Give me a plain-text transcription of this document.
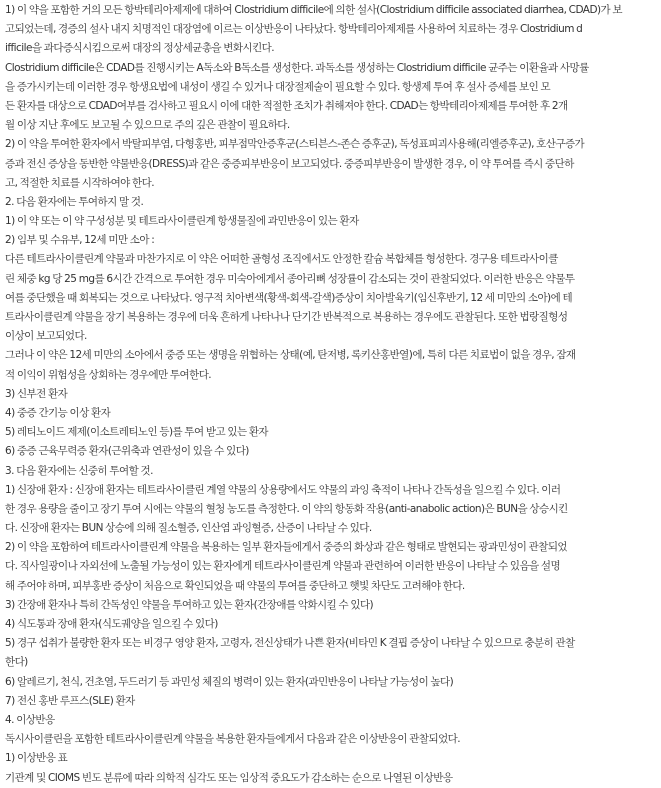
1) 이 약을 포함한 거의 모든 항박테리아제제에 대하여 Clostridium difficile에 의한 설사(Clostridium difficile associated diarrhea, CDAD)가 보
고되었는데, 경증의 설사 내지 치명적인 대장염에 이르는 이상반응이 나타났다. 항박테리아제제를 사용하여 치료하는 경우 Clostridium d
ifficile을 과다증식시킴으로써 대장의 정상세균총을 변화시킨다.
Clostridium difficile은 CDAD를 진행시키는 A독소와 B독소를 생성한다. 과독소를 생성하는 Clostridium difficile 균주는 이환율과 사망률
을 증가시키는데 이러한 경우 항생요법에 내성이 생길 수 있거나 대장절제술이 필요할 수 있다. 항생제 투여 후 설사 증세를 보인 모
든 환자를 대상으로 CDAD여부를 검사하고 필요시 이에 대한 적절한 조치가 취해져야 한다. CDAD는 항박테리아제제를 투여한 후 2개
월 이상 지난 후에도 보고될 수 있으므로 주의 깊은 관찰이 필요하다.
2) 이 약을 투여한 환자에서 박탈피부염, 다형홍반, 피부점막안증후군(스티븐스-존슨 증후군), 독성표피괴사용해(리엘증후군), 호산구증가
증과 전신 증상을 동반한 약물반응(DRESS)과 같은 중증피부반응이 보고되었다. 중증피부반응이 발생한 경우, 이 약 투여를 즉시 중단하
고, 적절한 치료를 시작하여야 한다.
2. 다음 환자에는 투여하지 말 것.
1) 이 약 또는 이 약 구성성분 및 테트라사이클린계 항생물질에 과민반응이 있는 환자
2) 임부 및 수유부, 12세 미만 소아 :
다른 테트라사이클린계 약물과 마찬가지로 이 약은 어떠한 골형성 조직에서도 안정한 칼슘 복합체를 형성한다. 경구용 테트라사이클
린 체중 kg 당 25 mg를 6시간 간격으로 투여한 경우 미숙아에게서 종아리뼈 성장률이 감소되는 것이 관찰되었다. 이러한 반응은 약물투
여를 중단했을 때 회복되는 것으로 나타났다. 영구적 치아변색(황색-회색-갈색)증상이 치아발육기(임신후반기, 12 세 미만의 소아)에 테
트라사이클린계 약물을 장기 복용하는 경우에 더욱 흔하게 나타나나 단기간 반복적으로 복용하는 경우에도 관찰된다. 또한 법랑질형성
이상이 보고되었다.
그러나 이 약은 12세 미만의 소아에서 중증 또는 생명을 위협하는 상태(예, 탄저병, 록키산홍반열)에, 특히 다른 치료법이 없을 경우, 잠재
적 이익이 위험성을 상회하는 경우에만 투여한다.
3) 신부전 환자
4) 중증 간기능 이상 환자
5) 레티노이드 제제(이소트레티노인 등)를 투여 받고 있는 환자
6) 중증 근육무력증 환자(근위축과 연관성이 있을 수 있다)
3. 다음 환자에는 신중히 투여할 것.
1) 신장애 환자 : 신장애 환자는 테트라사이클린 계열 약물의 상용량에서도 약물의 과잉 축적이 나타나 간독성을 일으킬 수 있다. 이러
한 경우 용량을 줄이고 장기 투여 시에는 약물의 혈청 농도를 측정한다. 이 약의 항동화 작용(anti-anabolic action)은 BUN을 상승시킨
다. 신장애 환자는 BUN 상승에 의해 질소혈증, 인산염 과잉혈증, 산증이 나타날 수 있다.
2) 이 약을 포함하여 테트라사이클린계 약물을 복용하는 일부 환자들에게서 중증의 화상과 같은 형태로 발현되는 광과민성이 관찰되었
다. 직사일광이나 자외선에 노출될 가능성이 있는 환자에게 테트라사이클린계 약물과 관련하여 이러한 반응이 나타날 수 있음을 설명
해 주어야 하며, 피부홍반 증상이 처음으로 확인되었을 때 약물의 투여를 중단하고 햇빛 차단도 고려해야 한다.
3) 간장애 환자나 특히 간독성인 약물을 투여하고 있는 환자(간장애를 악화시킬 수 있다)
4) 식도통과 장애 환자(식도궤양을 일으킬 수 있다)
5) 경구 섭취가 불량한 환자 또는 비경구 영양 환자, 고령자, 전신상태가 나쁜 환자(비타민 K 결핍 증상이 나타날 수 있으므로 충분히 관찰
한다)
6) 알레르기, 천식, 건초열, 두드러기 등 과민성 체질의 병력이 있는 환자(과민반응이 나타날 가능성이 높다)
7) 전신 홍반 루프스(SLE) 환자
4. 이상반응
독시사이클린을 포함한 테트라사이클린계 약물을 복용한 환자들에게서 다음과 같은 이상반응이 관찰되었다.
1) 이상반응 표
기관계 및 CIOMS 빈도 분류에 따라 의학적 심각도 또는 임상적 중요도가 감소하는 순으로 나열된 이상반응
